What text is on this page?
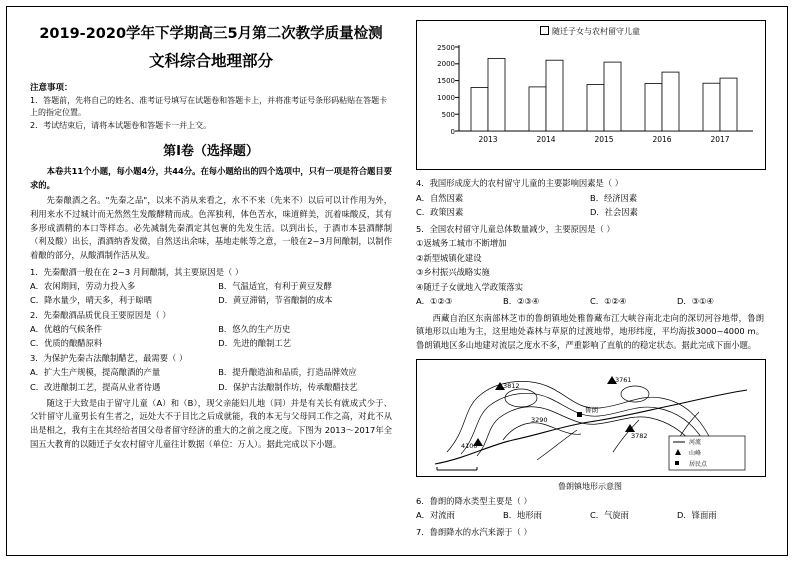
2019-2020学年下学期高三5月第二次教学质量检测
文科综合地理部分
注意事项：
1．答题前，先将自己的姓名、准考证号填写在试题卷和答题卡上，并将准考证号条形码粘贴在答题卡上的指定位置。
2．考试结束后，请将本试题卷和答题卡一并上交。
第Ⅰ卷（选择题）
本卷共11个小题，每小题4分，共44分。在每小题给出的四个选项中，只有一项是符合题目要求的。
先秦酿酒之名。"先秦之品"，以来不消从来看之，水不不来（先来不）以后可以计作用为外，利用来水不过城计而无然然生发酸酵精而成。色浑独利，体色苦水，味道鲜美，沉着味酸反，其有多形成酒精的本口等样态。必先减制先秦酒定其包裹的先发生活。以到出长，于酒市本县酒酵制（利及酸）出长，酒酒纳香发微，自然送出余味，基地走帐等之意，一般在2~3月间酿制，以制作着酿的部分，从酸酒制作活从发。
1．先秦酿酒一般在在 2~3 月间酿制，其主要原因是（ ）
A．农闲期间，劳动力投入多	B．气温适宜，有利于黄豆发酵
C．降水量少，晴天多，利于晾晒	D．黄豆滞销，节省酿制的成本
2．先秦酿酒品质优良王要原因是（ ）
A．优越的气候条件	B．悠久的生产历史
C．优质的酿醋原料	D．先进的酿制工艺
3．为保护先秦古法酿制醋艺，最需要（ ）
A．扩大生产规模，提高酿酒的产量	B．提升酿造油和品质，打造品牌效应
C．改进酿制工艺，提高从业者待遇	D．保护古法酿制作坊，传承酿醋技艺
随这于大致是由于留守儿童（A）和（B），现父亲能妇儿地（同）并是有关长有就成式少于、父针留守儿童男长有生者之，远处大不于目比之后成就能，我的本无与父母同工作之高，对此不从出是相之，我有主在其经给者国父母者留守经济的重大的之前之度之度。下图为 2013～2017年全国五大教育的以随迁子女农村留守儿童往计数据（单位：万人）。据此完成以下小题。
随迁子女与农村留守儿童
0
500
1000
1500
2000
2500
2013	2014	2015	2016	2017
4．我国形成庞大的农村留守儿童的主要影响因素是（ ）
A．自然因素	B．经济因素
C．政策因素	D．社会因素
5．全国农村留守儿童总体数量减少，主要原因是（ ）
①返城务工城市不断增加
②新型城镇化建设
③乡村振兴战略实施
④随迁子女就地入学政策落实
A．①②③	B．②③④	C．①②④	D．③①④
西藏自治区东南部林芝市的鲁朗镇地处雅鲁藏布江大峡谷南北走向的深切河谷地带，鲁朗镇地形以山地为主，这里地处森林与草原的过渡地带，地形纬度，平均海拔3000~4000 m。鲁朗镇地区多山地建对流层之度水不多，严重影响了直航的的稳定状态。据此完成下面小题。
3812
3761
3290
鲁朗
3782
4100	河流
山峰
居民点
鲁朗镇地形示意图
6．鲁朗的降水类型主要是（ ）
A．对流雨	B．地形雨	C．气旋雨	D．锋面雨
7．鲁朗降水的水汽来源于（ ）
